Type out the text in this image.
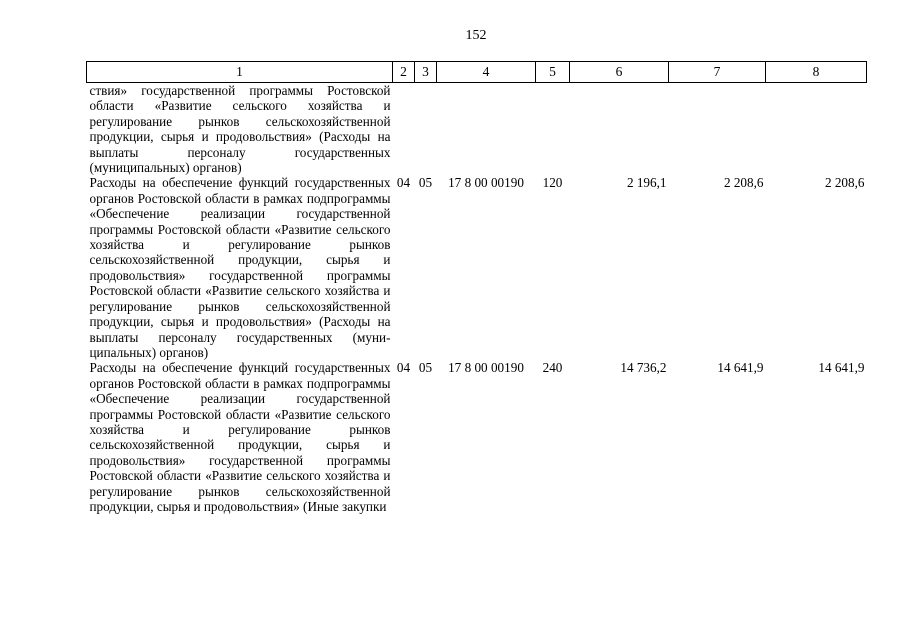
152
1	2	3	4	5	6	7	8
ствия» государственной программы Ростовской области «Развитие сельского хозяйства и регулирование рынков сельскохозяйственной продукции, сырья и продовольствия» (Расходы на выплаты персоналу государственных (муниципальных) органов)							
Расходы на обеспечение функций государственных органов Ростовской области в рамках подпрограммы «Обеспечение реализации государственной программы Ростовской области «Развитие сельского хозяйства и регулирование рынков сельскохозяйственной продукции, сырья и продовольствия» государственной программы Ростовской области «Развитие сельского хозяйства и регулирование рынков сельскохозяйственной продукции, сырья и продовольствия» (Расходы на выплаты персоналу государственных (муниципальных) органов)	04	05	17 8 00 00190	120	2 196,1	2 208,6	2 208,6
Расходы на обеспечение функций государственных органов Ростовской области в рамках подпрограммы «Обеспечение реализации государственной программы Ростовской области «Развитие сельского хозяйства и регулирование рынков сельскохозяйственной продукции, сырья и продовольствия» государственной программы Ростовской области «Развитие сельского хозяйства и регулирование рынков сельскохозяйственной продукции, сырья и продовольствия» (Иные закупки	04	05	17 8 00 00190	240	14 736,2	14 641,9	14 641,9
